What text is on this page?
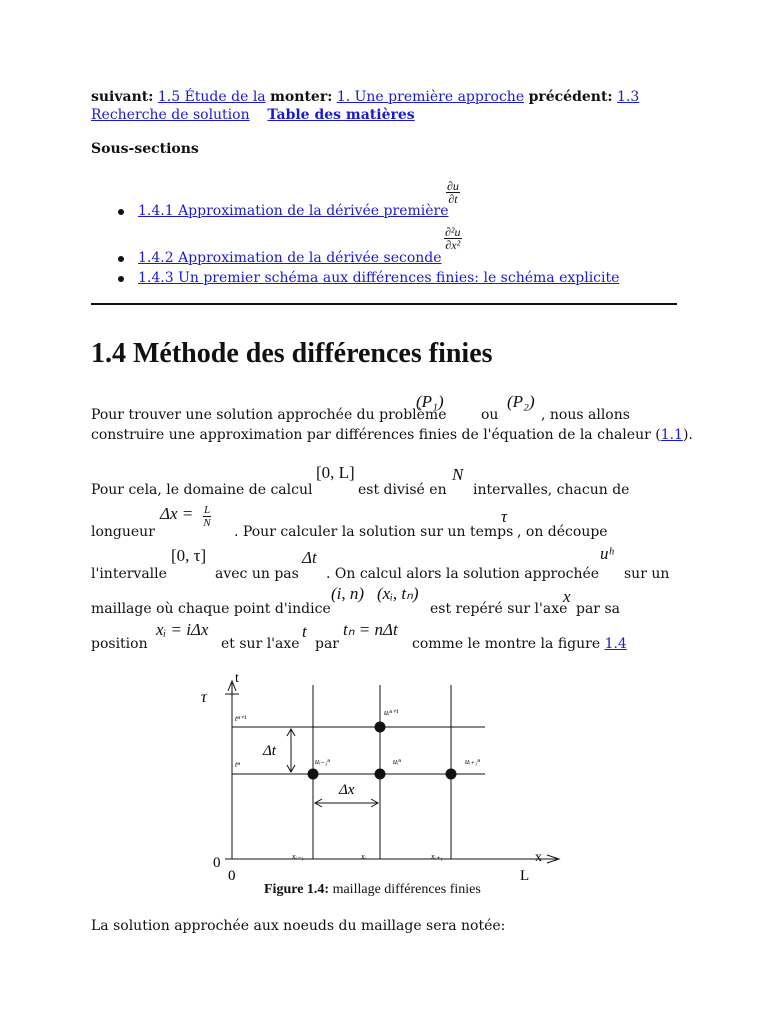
suivant: 1.5 Étude de la monter: 1. Une première approche précédent: 1.3
Recherche de solution Table des matières
Sous-sections
1.4.1 Approximation de la dérivée première
$\frac{\partial u}{\partial t}$
1.4.2 Approximation de la dérivée seconde
$\frac{\text{∂²u}}{\text{∂x²}}$
1.4.3 Un premier schéma aux différences finies: le schéma explicite
1.4 Méthode des différences finies
Pour trouver une solution approchée du problème
(P₁)
ou
(P₂)
, nous allons
construire une approximation par différences finies de l'équation de la chaleur (1.1).
Pour cela, le domaine de calcul
[0, L]
est divisé en
N
intervalles, chacun de
longueur
$\Delta x = \frac{L}{N}$
. Pour calculer la solution sur un temps
τ
, on découpe
l'intervalle
[0, τ]
avec un pas
Δt
. On calcul alors la solution approchée
uʰ
sur un
maillage où chaque point d'indice
(i, n) (xᵢ, tₙ)
est repéré sur l'axe
x
par sa
position
xᵢ = iΔx
et sur l'axe
t
par
tₙ = nΔt
comme le montre la figure 1.4
τ
t
x
0
0	L
tⁿ⁺¹
tⁿ
Δt
Δx
uᵢⁿ⁺¹
uᵢ₋₁ⁿ	uᵢⁿ	uᵢ₊₁ⁿ
xᵢ₋₁	xᵢ	xᵢ₊₁
Figure 1.4: maillage différences finies
La solution approchée aux noeuds du maillage sera notée:
